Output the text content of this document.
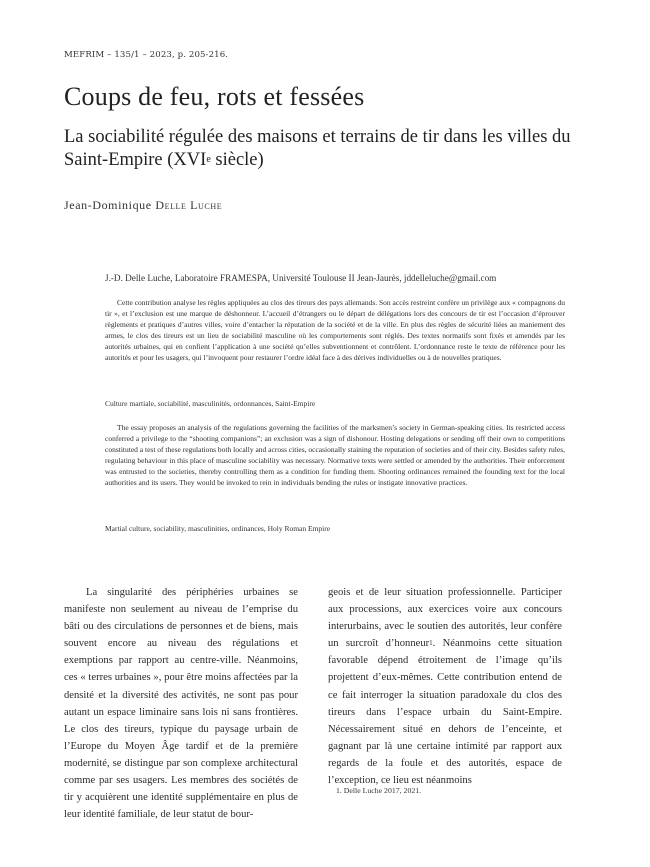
MEFRIM – 135/1 – 2023, p. 205-216.
Coups de feu, rots et fessées
La sociabilité régulée des maisons et terrains de tir dans les villes du Saint-Empire (XVIe siècle)
Jean-Dominique Delle Luche
J.-D. Delle Luche, Laboratoire FRAMESPA, Université Toulouse II Jean-Jaurès, jddelleluche@gmail.com

Cette contribution analyse les règles appliquées au clos des tireurs des pays allemands. Son accès restreint confère un privilège aux « compagnons du tir », et l’exclusion est une marque de déshonneur. L’accueil d’étrangers ou le départ de délégations lors des concours de tir est l’occasion d’éprouver règlements et pratiques d’autres villes, voire d’entacher la réputation de la société et de la ville. En plus des règles de sécurité liées au maniement des armes, le clos des tireurs est un lieu de sociabilité masculine où les comportements sont réglés. Des textes normatifs sont fixés et amendés par les autorités urbaines, qui en confient l’application à une société qu’elles subventionnent et contrôlent. L’ordonnance reste le texte de référence pour les autorités et pour les usagers, qui l’invoquent pour restaurer l’ordre idéal face à des dérives individuelles ou à de nouvelles pratiques.

Culture martiale, sociabilité, masculinités, ordonnances, Saint-Empire

The essay proposes an analysis of the regulations governing the facilities of the marksmen’s society in German-speaking cities. Its restricted access conferred a privilege to the “shooting companions”; an exclusion was a sign of dishonour. Hosting delegations or sending off their own to competitions constituted a test of these regulations both locally and across cities, occasionally staining the reputation of societies and of their city. Besides safety rules, regulating behaviour in this place of masculine sociability was necessary. Normative texts were settled or amended by the authorities. Their enforcement was entrusted to the societies, thereby controlling them as a condition for funding them. Shooting ordinances remained the founding text for the local authorities and its users. They would be invoked to rein in individuals bending the rules or instigate innovative practices.

Martial culture, sociability, masculinities, ordinances, Holy Roman Empire

La singularité des périphéries urbaines se manifeste non seulement au niveau de l’emprise du bâti ou des circulations de personnes et de biens, mais souvent encore au niveau des régulations et exemptions par rapport au centre-ville. Néanmoins, ces « terres urbaines », pour être moins affectées par la densité et la diversité des activités, ne sont pas pour autant un espace liminaire sans lois ni sans frontières. Le clos des tireurs, typique du paysage urbain de l’Europe du Moyen Âge tardif et de la première modernité, se distingue par son complexe architectural comme par ses usagers. Les membres des sociétés de tir y acquièrent une identité supplémentaire en plus de leur identité familiale, de leur statut de bour-

geois et de leur situation professionnelle. Participer aux processions, aux exercices voire aux concours interurbains, avec le soutien des autorités, leur confère un surcroît d’honneur$^1$. Néanmoins cette situation favorable dépend étroitement de l’image qu’ils projettent d’eux-mêmes. Cette contribution entend de ce fait interroger la situation paradoxale du clos des tireurs dans l’espace urbain du Saint-Empire. Nécessairement situé en dehors de l’enceinte, et gagnant par là une certaine intimité par rapport aux regards de la foule et des autorités, espace de l’exception, ce lieu est néanmoins

1. Delle Luche 2017, 2021.
